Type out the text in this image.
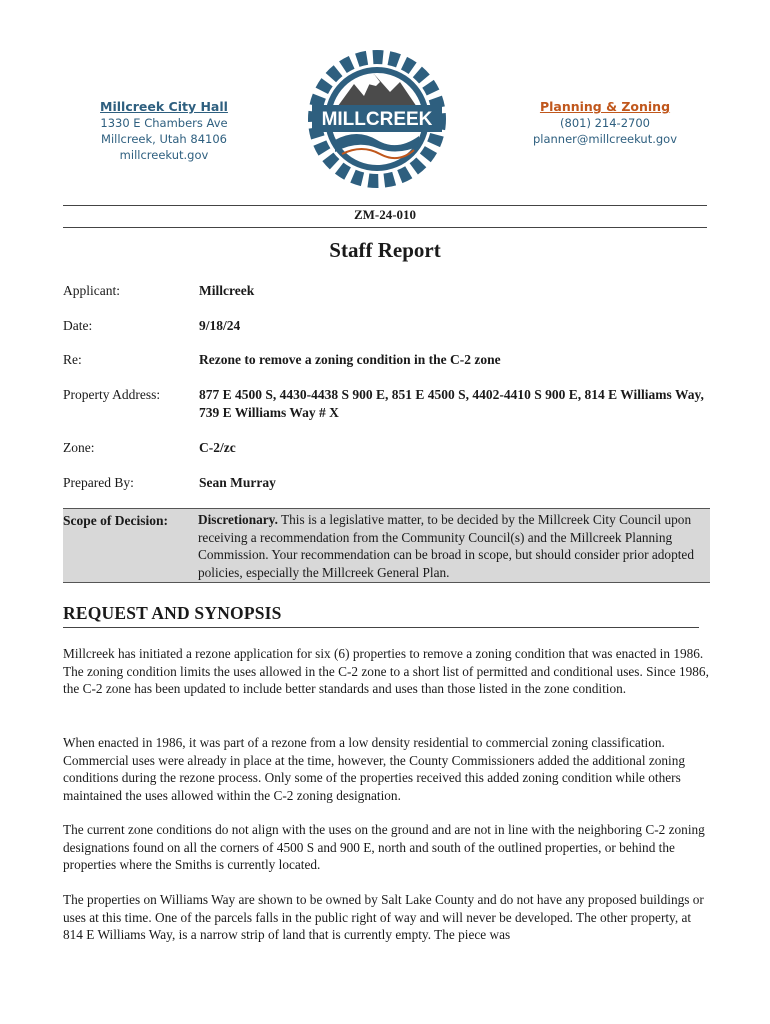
Millcreek City Hall
1330 E Chambers Ave
Millcreek, Utah 84106
millcreekut.gov
MILLCREEK
Planning & Zoning
(801) 214-2700
planner@millcreekut.gov
ZM-24-010
Staff Report
Applicant:	Millcreek
Date:	9/18/24
Re:	Rezone to remove a zoning condition in the C-2 zone
Property Address:	877 E 4500 S, 4430-4438 S 900 E, 851 E 4500 S, 4402-4410 S 900 E, 814 E Williams Way, 739 E Williams Way # X
Zone:	C-2/zc
Prepared By:	Sean Murray
Scope of Decision: Discretionary. This is a legislative matter, to be decided by the Millcreek City Council upon receiving a recommendation from the Community Council(s) and the Millcreek Planning Commission. Your recommendation can be broad in scope, but should consider prior adopted policies, especially the Millcreek General Plan.
REQUEST AND SYNOPSIS
Millcreek has initiated a rezone application for six (6) properties to remove a zoning condition that was enacted in 1986. The zoning condition limits the uses allowed in the C-2 zone to a short list of permitted and conditional uses. Since 1986, the C-2 zone has been updated to include better standards and uses than those listed in the zone condition.
When enacted in 1986, it was part of a rezone from a low density residential to commercial zoning classification. Commercial uses were already in place at the time, however, the County Commissioners added the additional zoning conditions during the rezone process. Only some of the properties received this added zoning condition while others maintained the uses allowed within the C-2 zoning designation.
The current zone conditions do not align with the uses on the ground and are not in line with the neighboring C-2 zoning designations found on all the corners of 4500 S and 900 E, north and south of the outlined properties, or behind the properties where the Smiths is currently located.
The properties on Williams Way are shown to be owned by Salt Lake County and do not have any proposed buildings or uses at this time. One of the parcels falls in the public right of way and will never be developed. The other property, at 814 E Williams Way, is a narrow strip of land that is currently empty. The piece was
